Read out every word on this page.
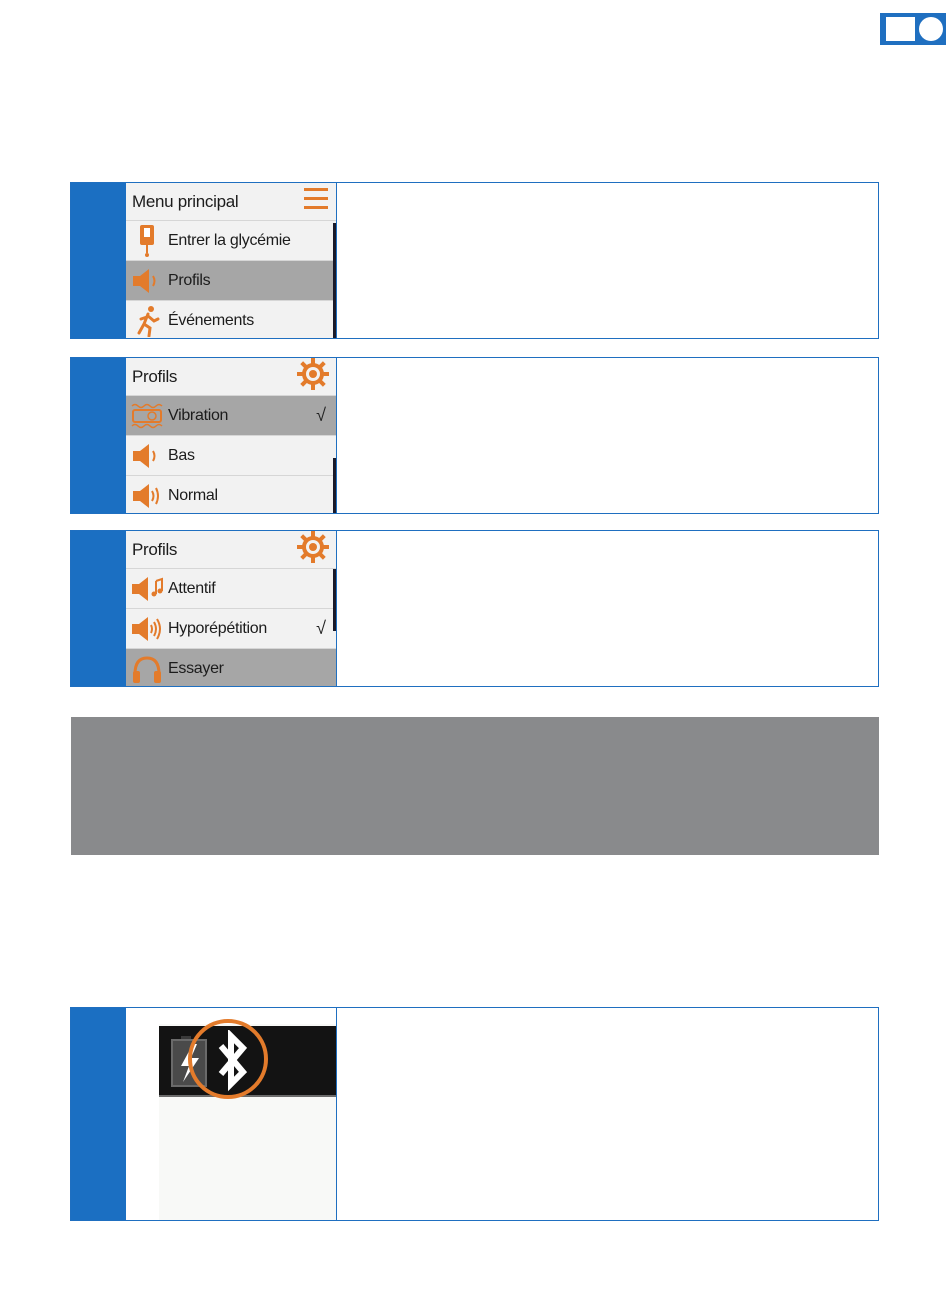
Menu principal
Entrer la glycémie
Profils
Événements
Profils
Vibration	√
Bas
Normal
Profils
Attentif
Hyporépétition	√
Essayer
